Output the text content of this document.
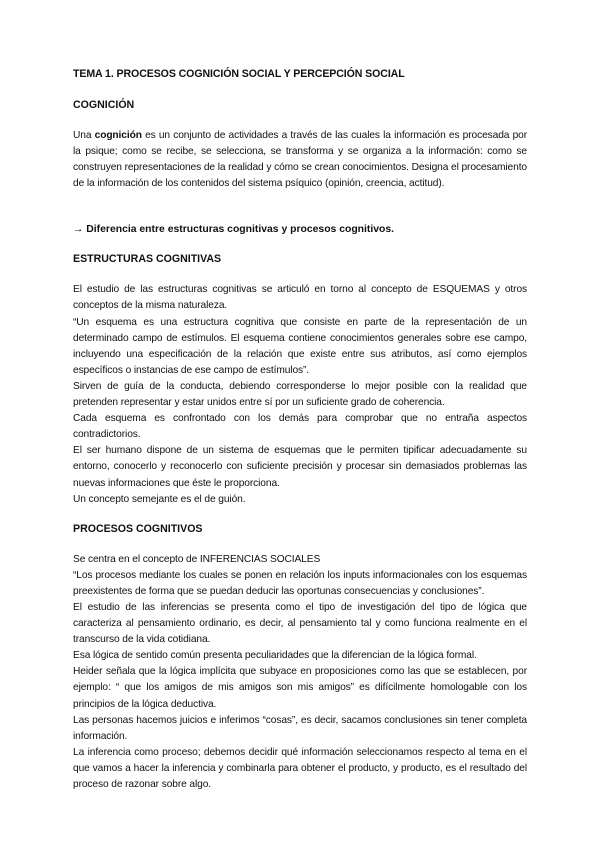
TEMA 1. PROCESOS COGNICIÓN SOCIAL Y PERCEPCIÓN SOCIAL
COGNICIÓN

Una cognición es un conjunto de actividades a través de las cuales la información es procesada por la psique; como se recibe, se selecciona, se transforma y se organiza a la información: como se construyen representaciones de la realidad y cómo se crean conocimientos. Designa el procesamiento de la información de los contenidos del sistema psíquico (opinión, creencia, actitud).

→ Diferencia entre estructuras cognitivas y procesos cognitivos.
ESTRUCTURAS COGNITIVAS

El estudio de las estructuras cognitivas se articuló en torno al concepto de ESQUEMAS y otros conceptos de la misma naturaleza.

“Un esquema es una estructura cognitiva que consiste en parte de la representación de un determinado campo de estímulos. El esquema contiene conocimientos generales sobre ese campo, incluyendo una especificación de la relación que existe entre sus atributos, así como ejemplos específicos o instancias de ese campo de estímulos”.

Sirven de guía de la conducta, debiendo corresponderse lo mejor posible con la realidad que pretenden representar y estar unidos entre sí por un suficiente grado de coherencia.

Cada esquema es confrontado con los demás para comprobar que no entraña aspectos contradictorios.

El ser humano dispone de un sistema de esquemas que le permiten tipificar adecuadamente su entorno, conocerlo y reconocerlo con suficiente precisión y procesar sin demasiados problemas las nuevas informaciones que éste le proporciona.

Un concepto semejante es el de guión.

PROCESOS COGNITIVOS

Se centra en el concepto de INFERENCIAS SOCIALES

“Los procesos mediante los cuales se ponen en relación los inputs informacionales con los esquemas preexistentes de forma que se puedan deducir las oportunas consecuencias y conclusiones”.

El estudio de las inferencias se presenta como el tipo de investigación del tipo de lógica que caracteriza al pensamiento ordinario, es decir, al pensamiento tal y como funciona realmente en el transcurso de la vida cotidiana.

Esa lógica de sentido común presenta peculiaridades que la diferencian de la lógica formal.

Heider señala que la lógica implícita que subyace en proposiciones como las que se establecen, por ejemplo: “ que los amigos de mis amigos son mis amigos” es difícilmente homologable con los principios de la lógica deductiva.

Las personas hacemos juicios e inferimos “cosas”, es decir, sacamos conclusiones sin tener completa información.

La inferencia como proceso; debemos decidir qué información seleccionamos respecto al tema en el que vamos a hacer la inferencia y combinarla para obtener el producto, y producto, es el resultado del proceso de razonar sobre algo.
